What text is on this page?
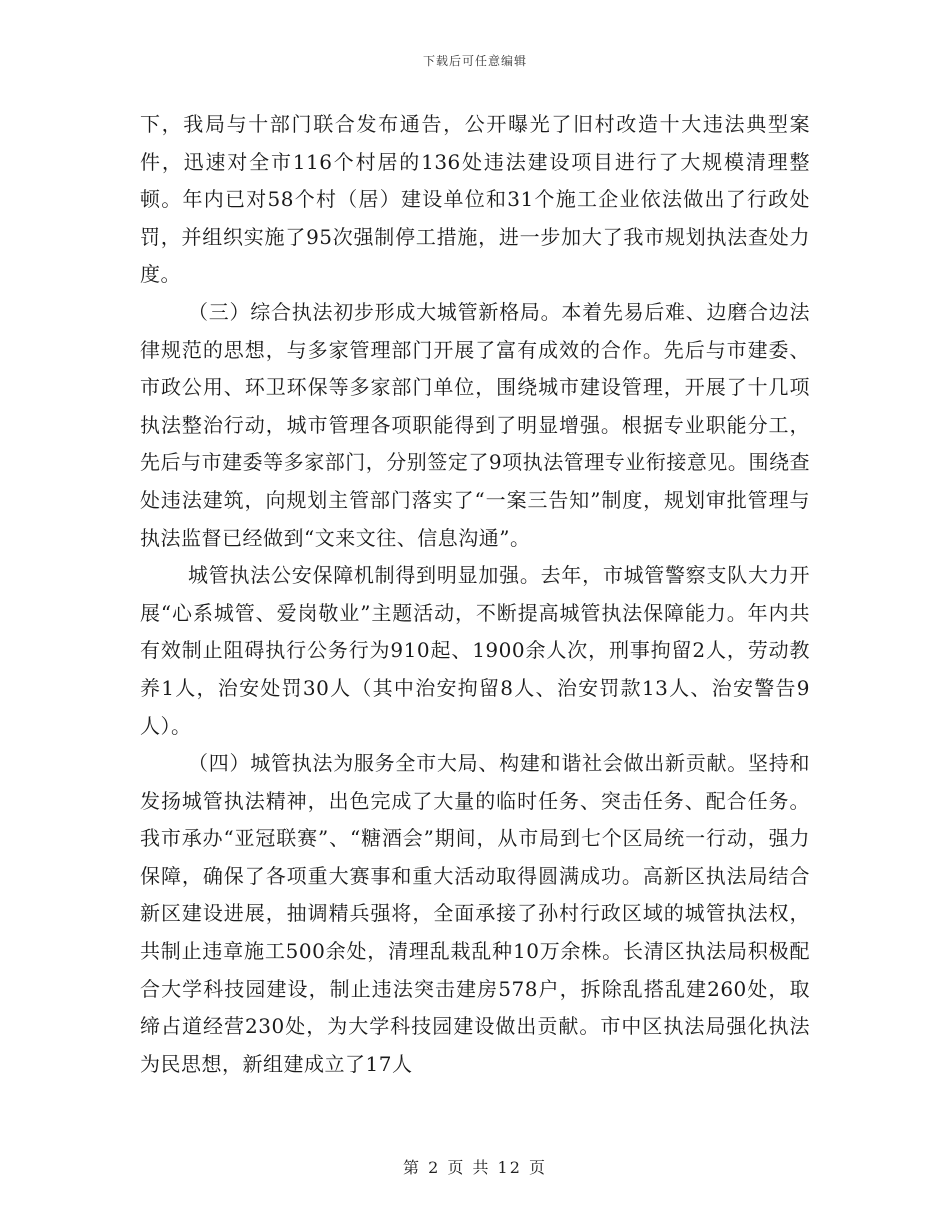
下载后可任意编辑

下，我局与十部门联合发布通告，公开曝光了旧村改造十大违法典型案件，迅速对全市116个村居的136处违法建设项目进行了大规模清理整顿。年内已对58个村（居）建设单位和31个施工企业依法做出了行政处罚，并组织实施了95次强制停工措施，进一步加大了我市规划执法查处力度。

（三）综合执法初步形成大城管新格局。本着先易后难、边磨合边法律规范的思想，与多家管理部门开展了富有成效的合作。先后与市建委、市政公用、环卫环保等多家部门单位，围绕城市建设管理，开展了十几项执法整治行动，城市管理各项职能得到了明显增强。根据专业职能分工，先后与市建委等多家部门，分别签定了9项执法管理专业衔接意见。围绕查处违法建筑，向规划主管部门落实了“一案三告知”制度，规划审批管理与执法监督已经做到“文来文往、信息沟通”。

城管执法公安保障机制得到明显加强。去年，市城管警察支队大力开展“心系城管、爱岗敬业”主题活动，不断提高城管执法保障能力。年内共有效制止阻碍执行公务行为910起、1900余人次，刑事拘留2人，劳动教养1人，治安处罚30人（其中治安拘留8人、治安罚款13人、治安警告9人）。

（四）城管执法为服务全市大局、构建和谐社会做出新贡献。坚持和发扬城管执法精神，出色完成了大量的临时任务、突击任务、配合任务。我市承办“亚冠联赛”、“糖酒会”期间，从市局到七个区局统一行动，强力保障，确保了各项重大赛事和重大活动取得圆满成功。高新区执法局结合新区建设进展，抽调精兵强将，全面承接了孙村行政区域的城管执法权，共制止违章施工500余处，清理乱栽乱种10万余株。长清区执法局积极配合大学科技园建设，制止违法突击建房578户，拆除乱搭乱建260处，取缔占道经营230处，为大学科技园建设做出贡献。市中区执法局强化执法为民思想，新组建成立了17人

第 2 页 共 12 页
